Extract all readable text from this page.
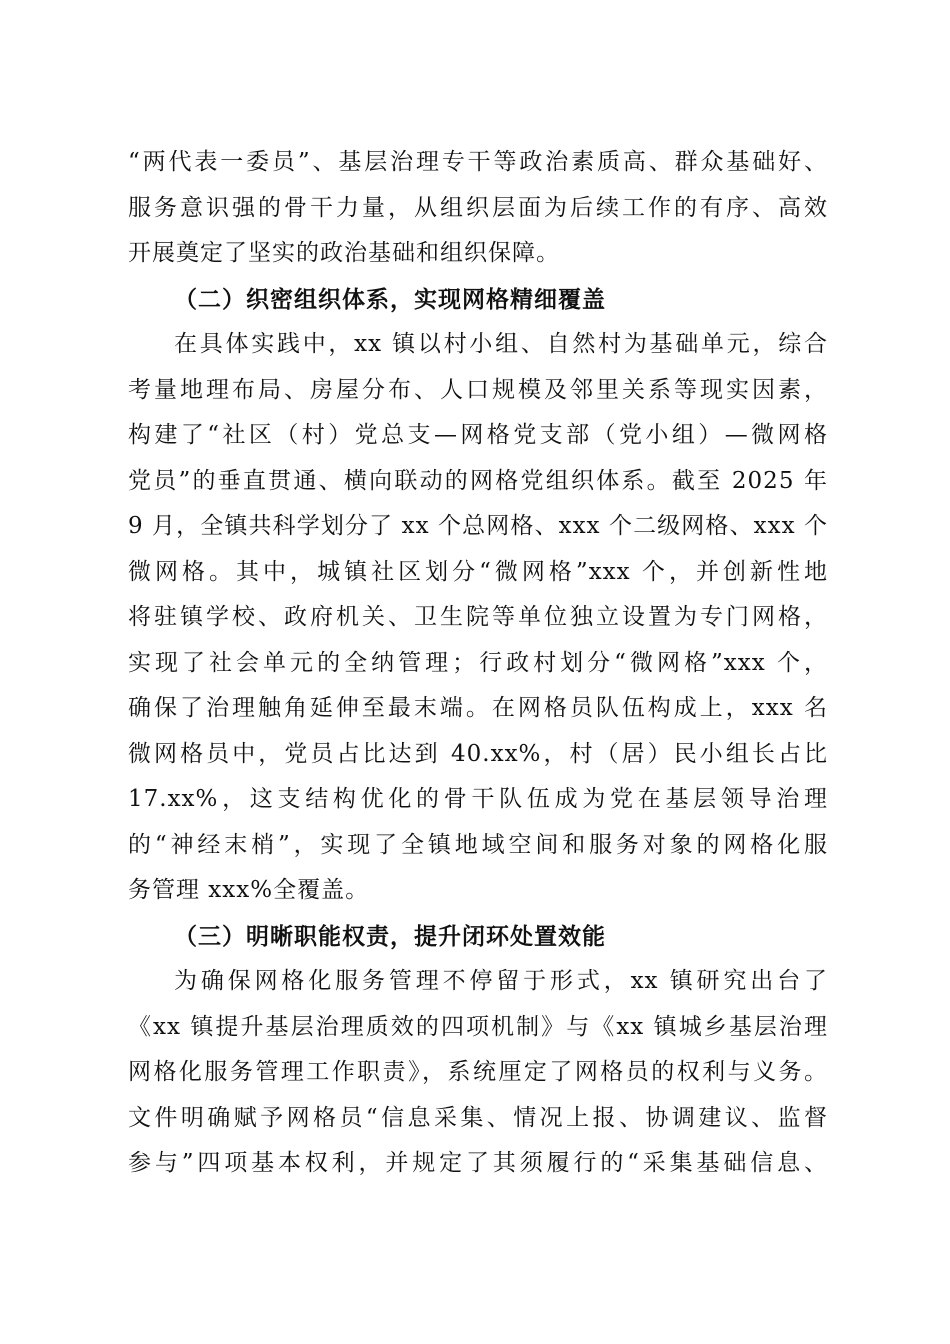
“两代表一委员”、基层治理专干等政治素质高、群众基础好、
服务意识强的骨干力量，从组织层面为后续工作的有序、高效
开展奠定了坚实的政治基础和组织保障。
（二）织密组织体系，实现网格精细覆盖
在具体实践中，xx 镇以村小组、自然村为基础单元，综合
考量地理布局、房屋分布、人口规模及邻里关系等现实因素，
构建了“社区（村）党总支—网格党支部（党小组）—微网格
党员”的垂直贯通、横向联动的网格党组织体系。截至 2025 年
9 月，全镇共科学划分了 xx 个总网格、xxx 个二级网格、xxx 个
微网格。其中，城镇社区划分“微网格”xxx 个，并创新性地
将驻镇学校、政府机关、卫生院等单位独立设置为专门网格，
实现了社会单元的全纳管理；行政村划分“微网格”xxx 个，
确保了治理触角延伸至最末端。在网格员队伍构成上，xxx 名
微网格员中，党员占比达到 40.xx%，村（居）民小组长占比
17.xx%，这支结构优化的骨干队伍成为党在基层领导治理
的“神经末梢”，实现了全镇地域空间和服务对象的网格化服
务管理 xxx%全覆盖。
（三）明晰职能权责，提升闭环处置效能
为确保网格化服务管理不停留于形式，xx 镇研究出台了
《xx 镇提升基层治理质效的四项机制》与《xx 镇城乡基层治理
网格化服务管理工作职责》，系统厘定了网格员的权利与义务。
文件明确赋予网格员“信息采集、情况上报、协调建议、监督
参与”四项基本权利，并规定了其须履行的“采集基础信息、
